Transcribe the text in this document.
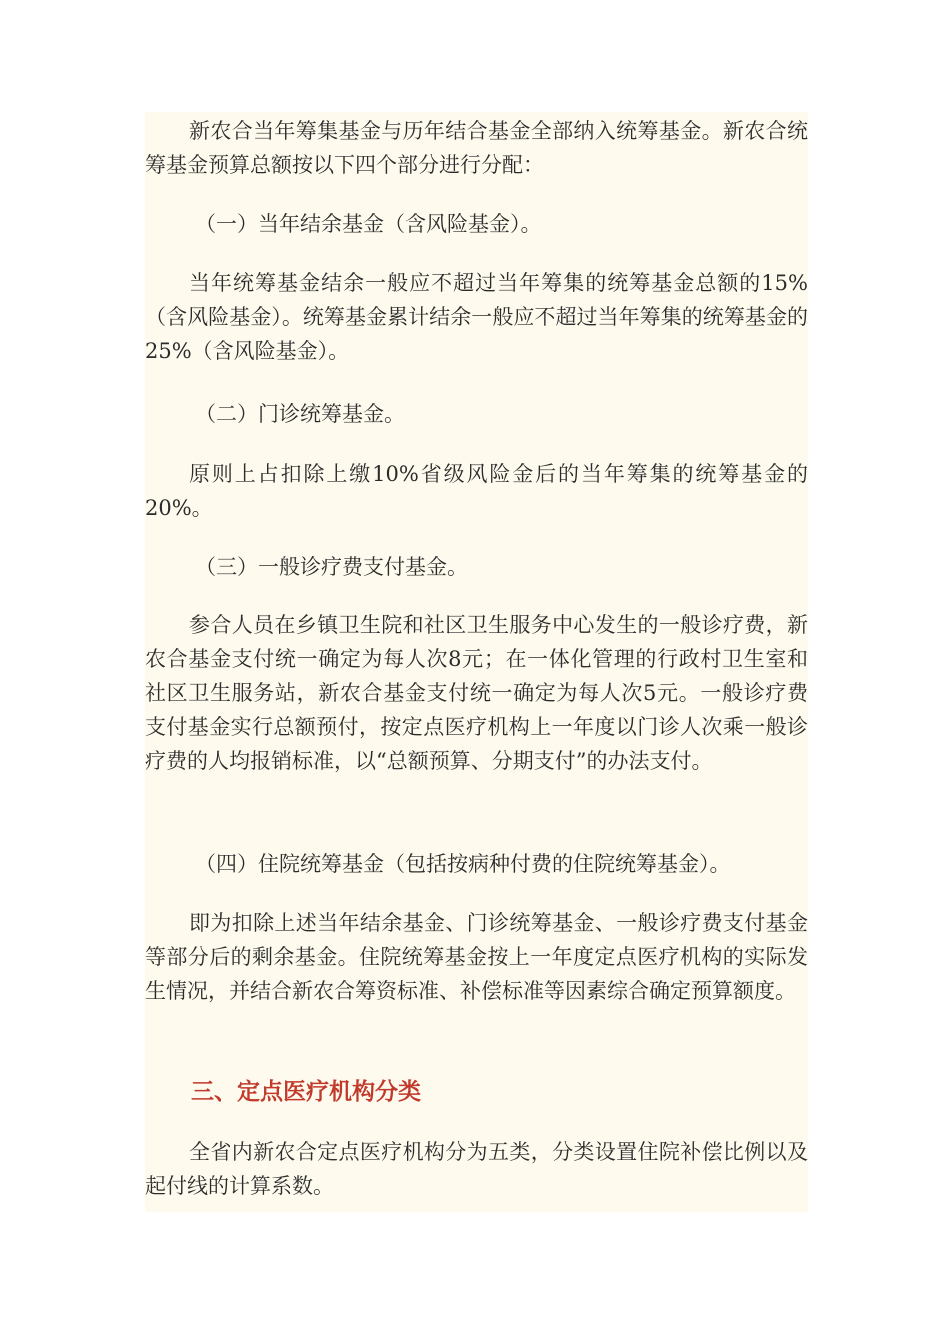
新农合当年筹集基金与历年结合基金全部纳入统筹基金。新农合统筹基金预算总额按以下四个部分进行分配：

（一）当年结余基金（含风险基金）。

当年统筹基金结余一般应不超过当年筹集的统筹基金总额的15%（含风险基金）。统筹基金累计结余一般应不超过当年筹集的统筹基金的25%（含风险基金）。

（二）门诊统筹基金。

原则上占扣除上缴10%省级风险金后的当年筹集的统筹基金的20%。

（三）一般诊疗费支付基金。

参合人员在乡镇卫生院和社区卫生服务中心发生的一般诊疗费，新农合基金支付统一确定为每人次8元；在一体化管理的行政村卫生室和社区卫生服务站，新农合基金支付统一确定为每人次5元。一般诊疗费支付基金实行总额预付，按定点医疗机构上一年度以门诊人次乘一般诊疗费的人均报销标准，以“总额预算、分期支付”的办法支付。

（四）住院统筹基金（包括按病种付费的住院统筹基金）。

即为扣除上述当年结余基金、门诊统筹基金、一般诊疗费支付基金等部分后的剩余基金。住院统筹基金按上一年度定点医疗机构的实际发生情况，并结合新农合筹资标准、补偿标准等因素综合确定预算额度。

三、定点医疗机构分类

全省内新农合定点医疗机构分为五类，分类设置住院补偿比例以及起付线的计算系数。
